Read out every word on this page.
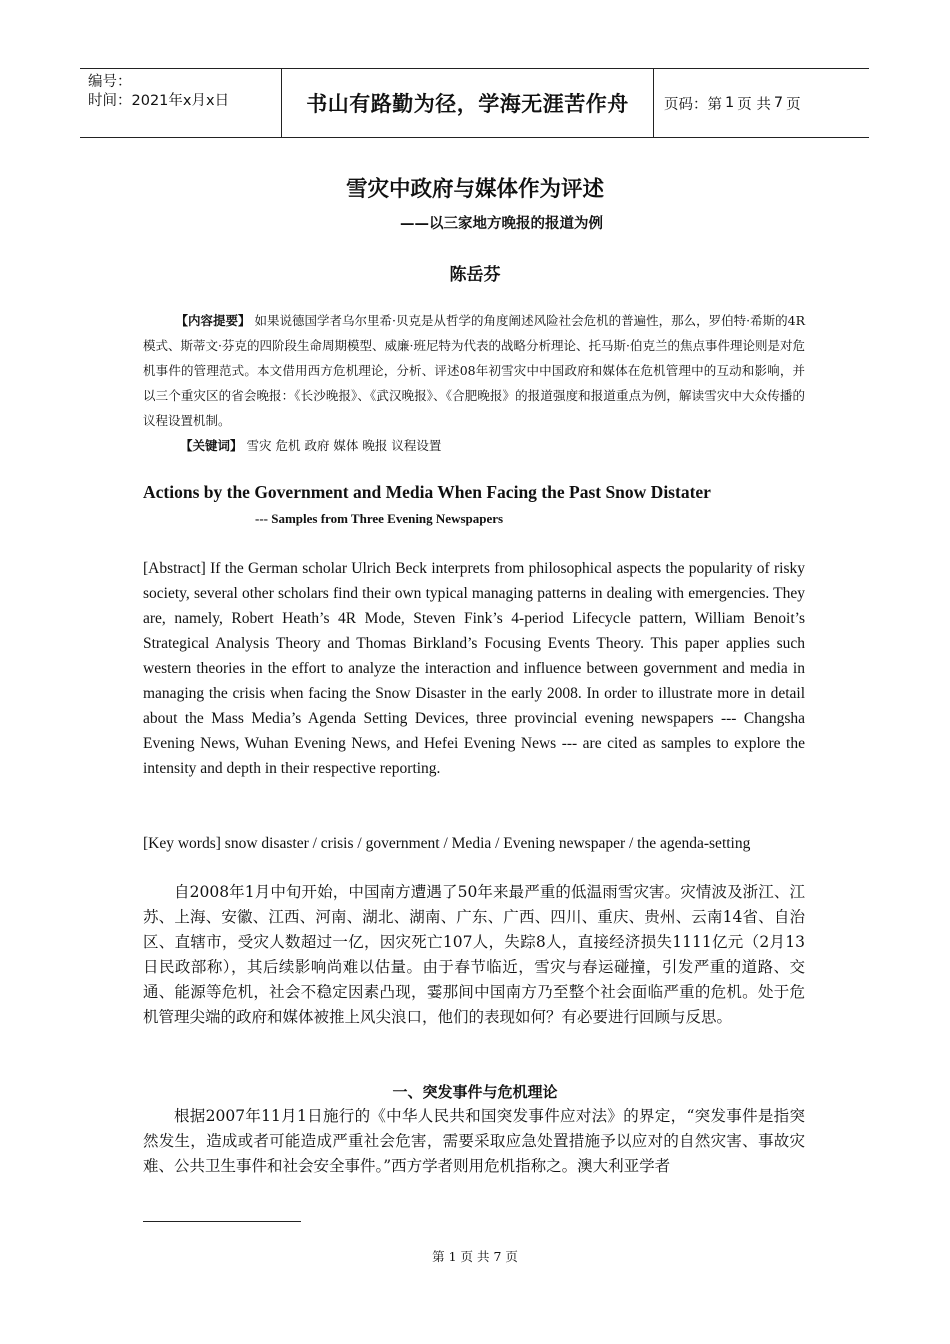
编号：
时间：2021年x月x日	书山有路勤为径，学海无涯苦作舟	页码：第 1 页 共 7 页
雪灾中政府与媒体作为评述
——以三家地方晚报的报道为例
陈岳芬

【内容提要】 如果说德国学者乌尔里希·贝克是从哲学的角度阐述风险社会危机的普遍性，那么，罗伯特·希斯的4R模式、斯蒂文·芬克的四阶段生命周期模型、威廉·班尼特为代表的战略分析理论、托马斯·伯克兰的焦点事件理论则是对危机事件的管理范式。本文借用西方危机理论，分析、评述08年初雪灾中中国政府和媒体在危机管理中的互动和影响，并以三个重灾区的省会晚报：《长沙晚报》、《武汉晚报》、《合肥晚报》的报道强度和报道重点为例，解读雪灾中大众传播的议程设置机制。

【关键词】 雪灾 危机 政府 媒体 晚报 议程设置

Actions by the Government and Media When Facing the Past Snow Distater
--- Samples from Three Evening Newspapers

[Abstract] If the German scholar Ulrich Beck interprets from philosophical aspects the popularity of risky society, several other scholars find their own typical managing patterns in dealing with emergencies. They are, namely, Robert Heath’s 4R Mode, Steven Fink’s 4-period Lifecycle pattern, William Benoit’s Strategical Analysis Theory and Thomas Birkland’s Focusing Events Theory. This paper applies such western theories in the effort to analyze the interaction and influence between government and media in managing the crisis when facing the Snow Disaster in the early 2008. In order to illustrate more in detail about the Mass Media’s Agenda Setting Devices, three provincial evening newspapers --- Changsha Evening News, Wuhan Evening News, and Hefei Evening News --- are cited as samples to explore the intensity and depth in their respective reporting.

[Key words] snow disaster / crisis / government / Media / Evening newspaper / the agenda-setting

自2008年1月中旬开始，中国南方遭遇了50年来最严重的低温雨雪灾害。灾情波及浙江、江苏、上海、安徽、江西、河南、湖北、湖南、广东、广西、四川、重庆、贵州、云南14省、自治区、直辖市，受灾人数超过一亿，因灾死亡107人，失踪8人，直接经济损失1111亿元（2月13日民政部称），其后续影响尚难以估量。由于春节临近，雪灾与春运碰撞，引发严重的道路、交通、能源等危机，社会不稳定因素凸现，霎那间中国南方乃至整个社会面临严重的危机。处于危机管理尖端的政府和媒体被推上风尖浪口，他们的表现如何？有必要进行回顾与反思。

一、突发事件与危机理论

根据2007年11月1日施行的《中华人民共和国突发事件应对法》的界定，“突发事件是指突然发生，造成或者可能造成严重社会危害，需要采取应急处置措施予以应对的自然灾害、事故灾难、公共卫生事件和社会安全事件。”西方学者则用危机指称之。澳大利亚学者

第 1 页 共 7 页
